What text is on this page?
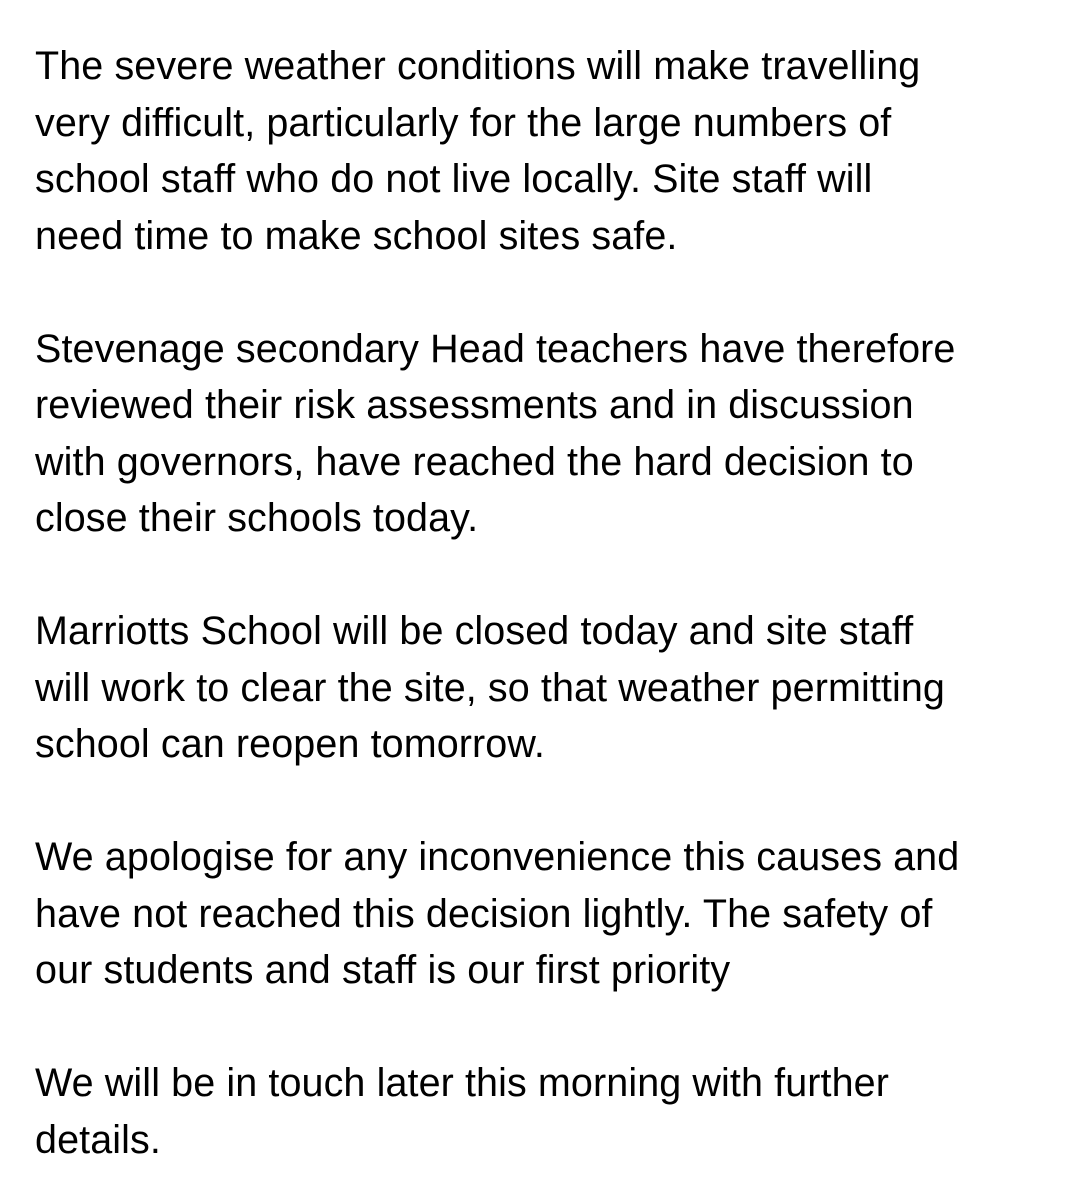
The severe weather conditions will make travelling
very difficult, particularly for the large numbers of
school staff who do not live locally. Site staff will
need time to make school sites safe.

Stevenage secondary Head teachers have therefore
reviewed their risk assessments and in discussion
with governors, have reached the hard decision to
close their schools today.

Marriotts School will be closed today and site staff
will work to clear the site, so that weather permitting
school can reopen tomorrow.

We apologise for any inconvenience this causes and
have not reached this decision lightly. The safety of
our students and staff is our first priority

We will be in touch later this morning with further
details.
